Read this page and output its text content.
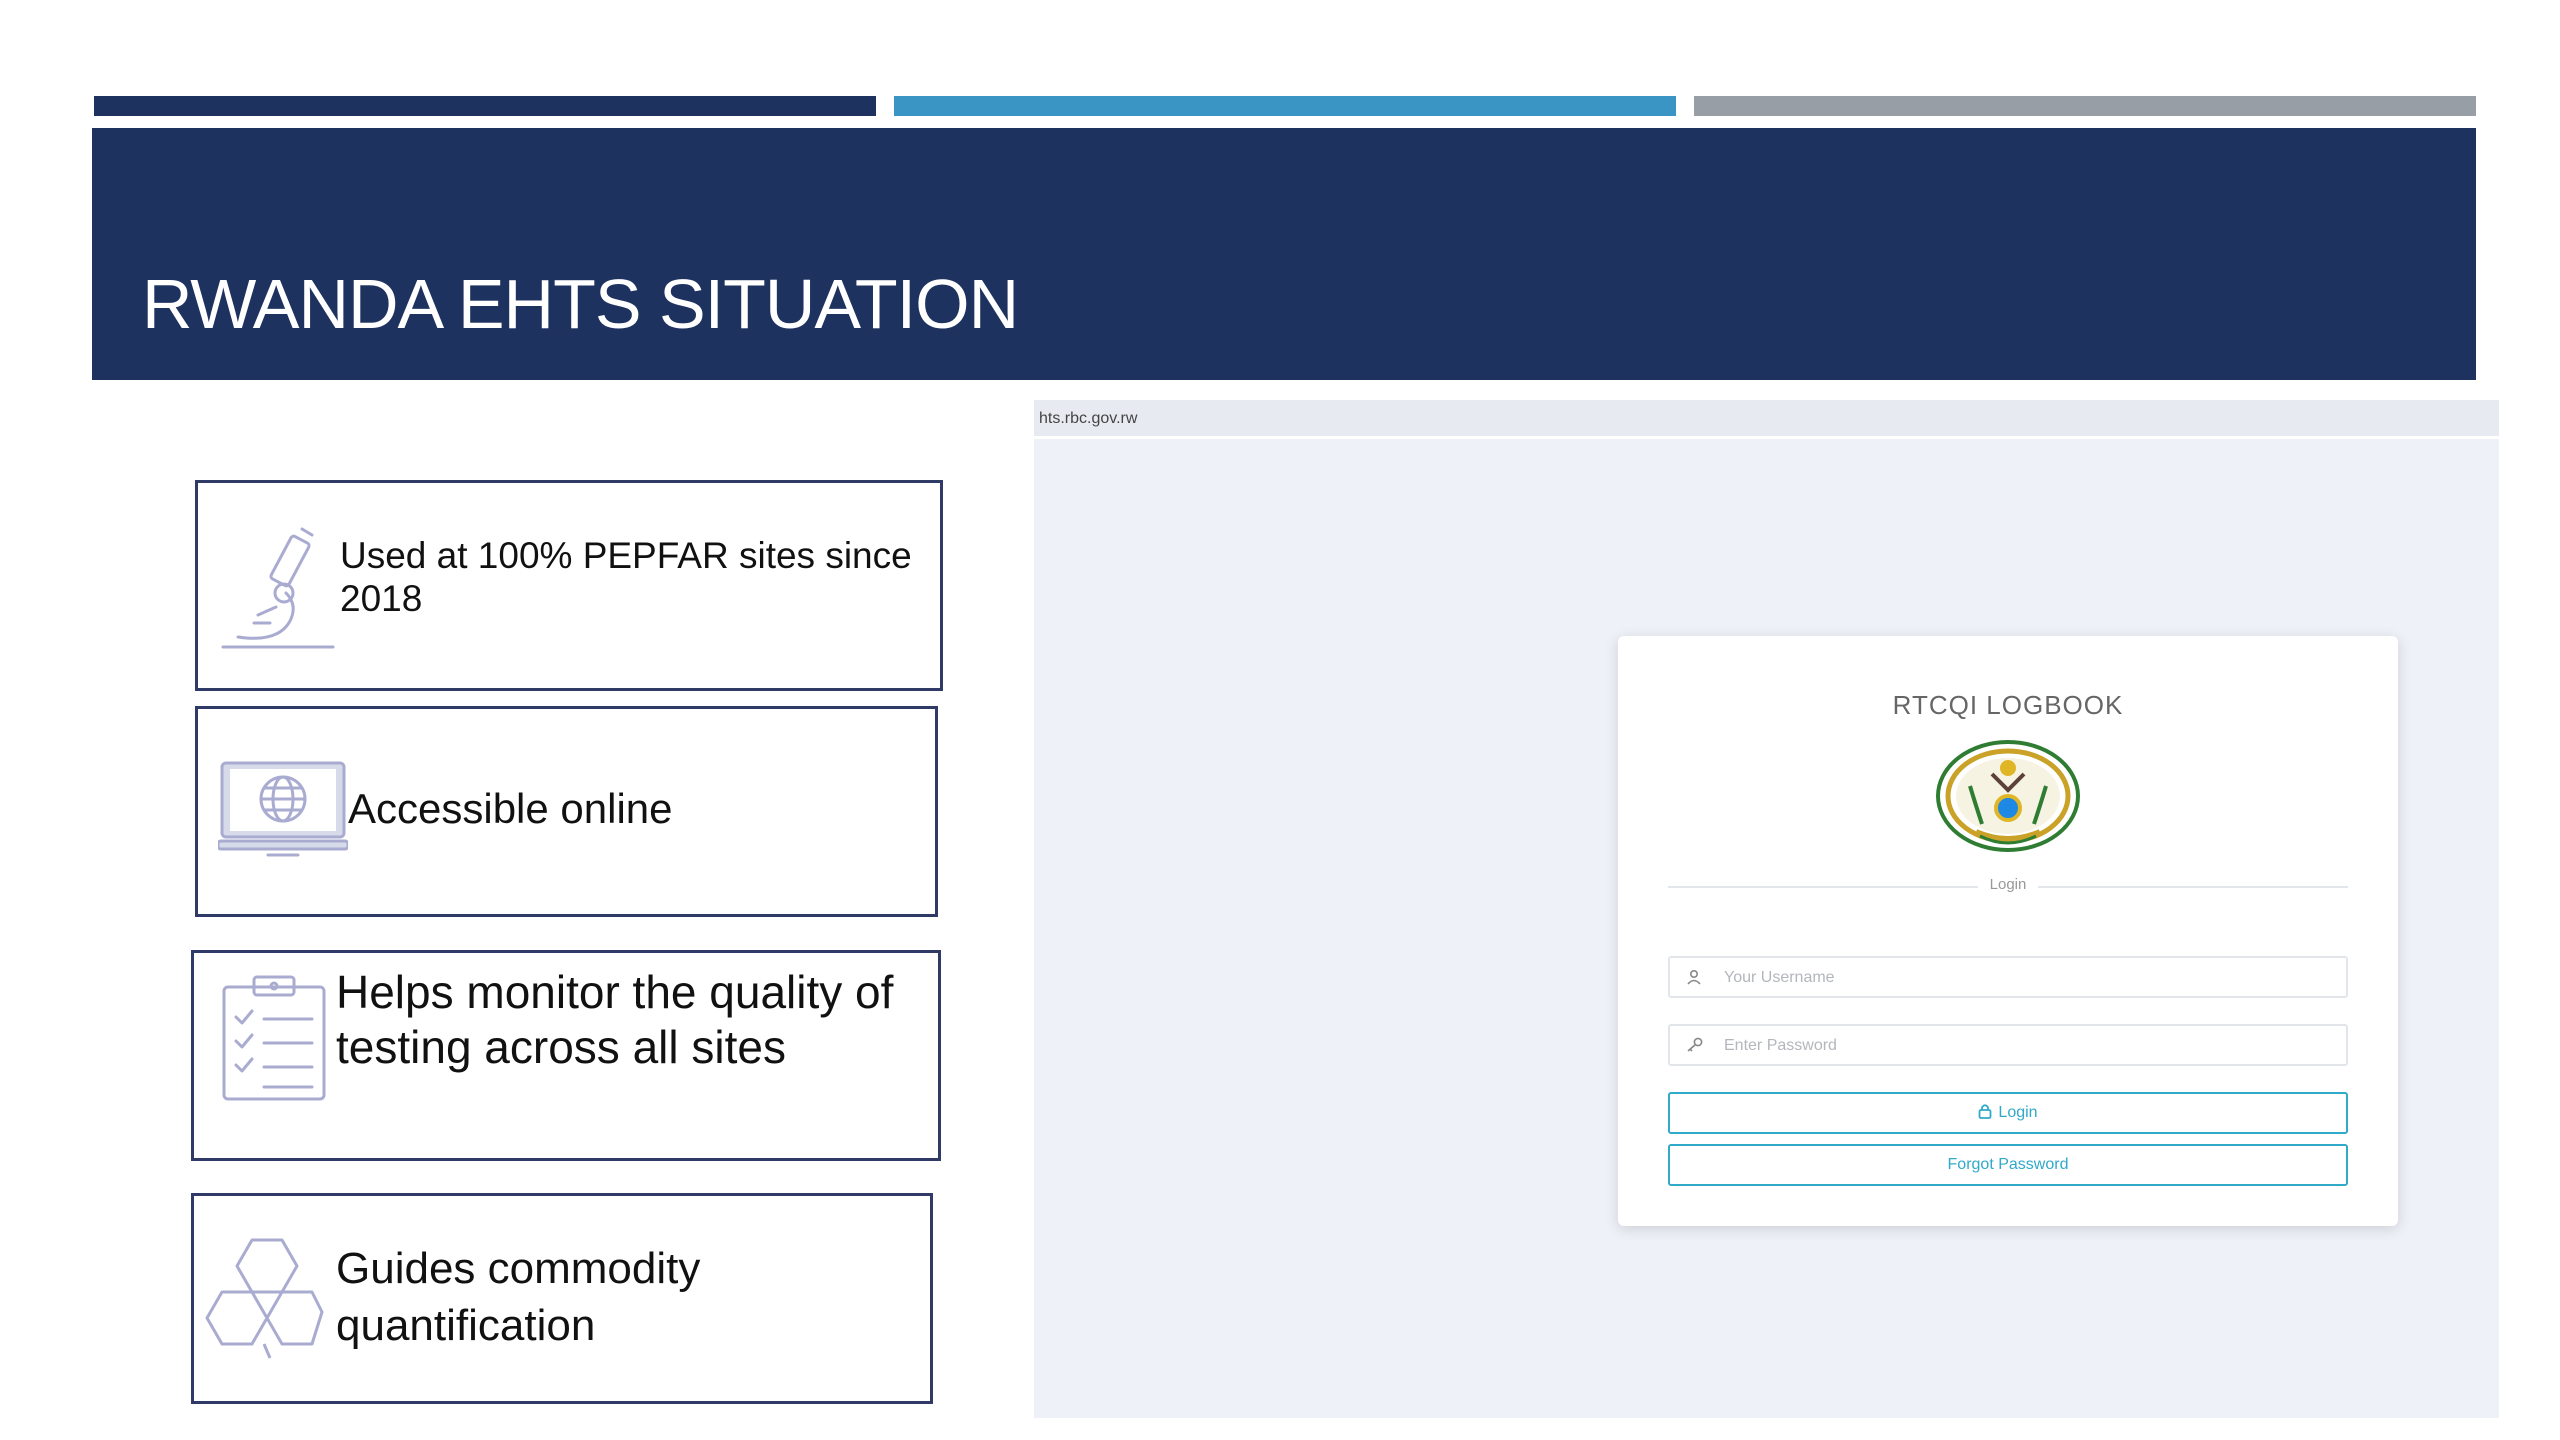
RWANDA EHTS SITUATION
Used at 100% PEPFAR sites since 2018
Accessible online
Helps monitor the quality of testing across all sites
Guides commodity quantification
hts.rbc.gov.rw
RTCQI LOGBOOK
Login
Your Username
Login
Forgot Password
